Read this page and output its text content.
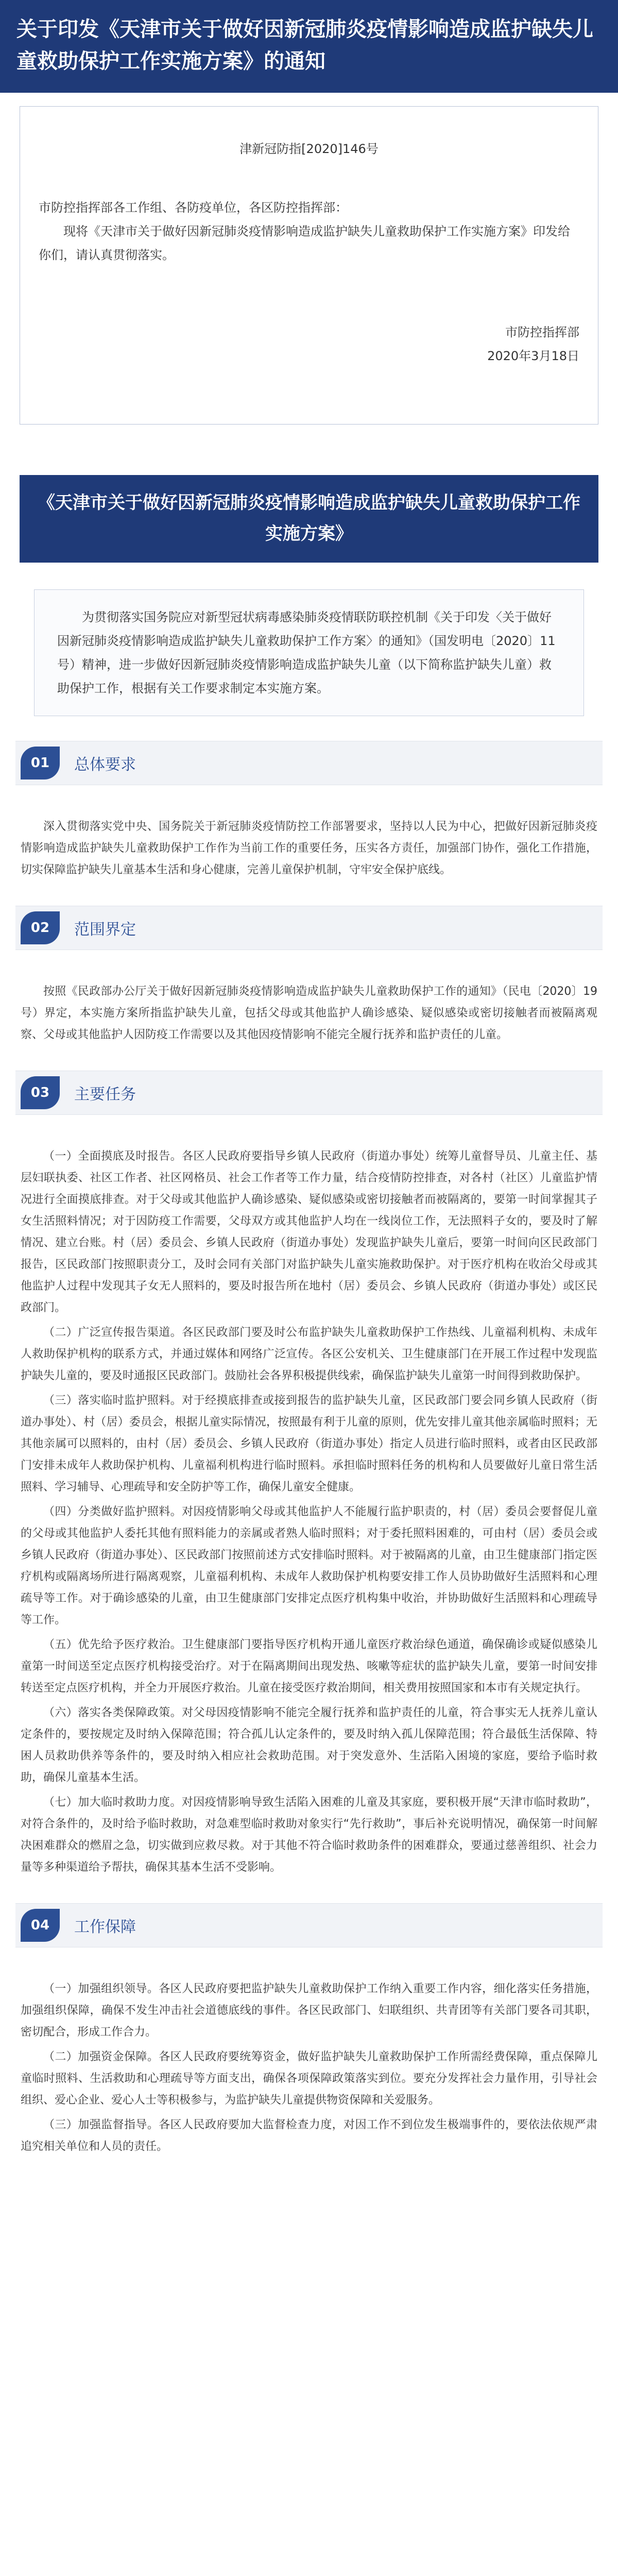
关于印发《天津市关于做好因新冠肺炎疫情影响造成监护缺失儿童救助保护工作实施方案》的通知
津新冠防指[2020]146号

市防控指挥部各工作组、各防疫单位，各区防控指挥部：

现将《天津市关于做好因新冠肺炎疫情影响造成监护缺失儿童救助保护工作实施方案》印发给你们，请认真贯彻落实。

市防控指挥部
2020年3月18日
《天津市关于做好因新冠肺炎疫情影响造成监护缺失儿童救助保护工作实施方案》

为贯彻落实国务院应对新型冠状病毒感染肺炎疫情联防联控机制《关于印发〈关于做好因新冠肺炎疫情影响造成监护缺失儿童救助保护工作方案〉的通知》（国发明电〔2020〕11号）精神，进一步做好因新冠肺炎疫情影响造成监护缺失儿童（以下简称监护缺失儿童）救助保护工作，根据有关工作要求制定本实施方案。

01	总体要求

深入贯彻落实党中央、国务院关于新冠肺炎疫情防控工作部署要求，坚持以人民为中心，把做好因新冠肺炎疫情影响造成监护缺失儿童救助保护工作作为当前工作的重要任务，压实各方责任，加强部门协作，强化工作措施，切实保障监护缺失儿童基本生活和身心健康，完善儿童保护机制，守牢安全保护底线。

02	范围界定

按照《民政部办公厅关于做好因新冠肺炎疫情影响造成监护缺失儿童救助保护工作的通知》（民电〔2020〕19号）界定，本实施方案所指监护缺失儿童，包括父母或其他监护人确诊感染、疑似感染或密切接触者而被隔离观察、父母或其他监护人因防疫工作需要以及其他因疫情影响不能完全履行抚养和监护责任的儿童。

03	主要任务

（一）全面摸底及时报告。各区人民政府要指导乡镇人民政府（街道办事处）统筹儿童督导员、儿童主任、基层妇联执委、社区工作者、社区网格员、社会工作者等工作力量，结合疫情防控排查，对各村（社区）儿童监护情况进行全面摸底排查。对于父母或其他监护人确诊感染、疑似感染或密切接触者而被隔离的，要第一时间掌握其子女生活照料情况；对于因防疫工作需要，父母双方或其他监护人均在一线岗位工作，无法照料子女的，要及时了解情况、建立台账。村（居）委员会、乡镇人民政府（街道办事处）发现监护缺失儿童后，要第一时间向区民政部门报告，区民政部门按照职责分工，及时会同有关部门对监护缺失儿童实施救助保护。对于医疗机构在收治父母或其他监护人过程中发现其子女无人照料的，要及时报告所在地村（居）委员会、乡镇人民政府（街道办事处）或区民政部门。

（二）广泛宣传报告渠道。各区民政部门要及时公布监护缺失儿童救助保护工作热线、儿童福利机构、未成年人救助保护机构的联系方式，并通过媒体和网络广泛宣传。各区公安机关、卫生健康部门在开展工作过程中发现监护缺失儿童的，要及时通报区民政部门。鼓励社会各界积极提供线索，确保监护缺失儿童第一时间得到救助保护。

（三）落实临时监护照料。对于经摸底排查或接到报告的监护缺失儿童，区民政部门要会同乡镇人民政府（街道办事处）、村（居）委员会，根据儿童实际情况，按照最有利于儿童的原则，优先安排儿童其他亲属临时照料；无其他亲属可以照料的，由村（居）委员会、乡镇人民政府（街道办事处）指定人员进行临时照料，或者由区民政部门安排未成年人救助保护机构、儿童福利机构进行临时照料。承担临时照料任务的机构和人员要做好儿童日常生活照料、学习辅导、心理疏导和安全防护等工作，确保儿童安全健康。

（四）分类做好监护照料。对因疫情影响父母或其他监护人不能履行监护职责的，村（居）委员会要督促儿童的父母或其他监护人委托其他有照料能力的亲属或者熟人临时照料；对于委托照料困难的，可由村（居）委员会或乡镇人民政府（街道办事处）、区民政部门按照前述方式安排临时照料。对于被隔离的儿童，由卫生健康部门指定医疗机构或隔离场所进行隔离观察，儿童福利机构、未成年人救助保护机构要安排工作人员协助做好生活照料和心理疏导等工作。对于确诊感染的儿童，由卫生健康部门安排定点医疗机构集中收治，并协助做好生活照料和心理疏导等工作。

（五）优先给予医疗救治。卫生健康部门要指导医疗机构开通儿童医疗救治绿色通道，确保确诊或疑似感染儿童第一时间送至定点医疗机构接受治疗。对于在隔离期间出现发热、咳嗽等症状的监护缺失儿童，要第一时间安排转送至定点医疗机构，并全力开展医疗救治。儿童在接受医疗救治期间，相关费用按照国家和本市有关规定执行。

（六）落实各类保障政策。对父母因疫情影响不能完全履行抚养和监护责任的儿童，符合事实无人抚养儿童认定条件的，要按规定及时纳入保障范围；符合孤儿认定条件的，要及时纳入孤儿保障范围；符合最低生活保障、特困人员救助供养等条件的，要及时纳入相应社会救助范围。对于突发意外、生活陷入困境的家庭，要给予临时救助，确保儿童基本生活。

（七）加大临时救助力度。对因疫情影响导致生活陷入困难的儿童及其家庭，要积极开展“天津市临时救助”，对符合条件的，及时给予临时救助，对急难型临时救助对象实行“先行救助”，事后补充说明情况，确保第一时间解决困难群众的燃眉之急，切实做到应救尽救。对于其他不符合临时救助条件的困难群众，要通过慈善组织、社会力量等多种渠道给予帮扶，确保其基本生活不受影响。

04	工作保障

（一）加强组织领导。各区人民政府要把监护缺失儿童救助保护工作纳入重要工作内容，细化落实任务措施，加强组织保障，确保不发生冲击社会道德底线的事件。各区民政部门、妇联组织、共青团等有关部门要各司其职，密切配合，形成工作合力。

（二）加强资金保障。各区人民政府要统筹资金，做好监护缺失儿童救助保护工作所需经费保障，重点保障儿童临时照料、生活救助和心理疏导等方面支出，确保各项保障政策落实到位。要充分发挥社会力量作用，引导社会组织、爱心企业、爱心人士等积极参与，为监护缺失儿童提供物资保障和关爱服务。

（三）加强监督指导。各区人民政府要加大监督检查力度，对因工作不到位发生极端事件的，要依法依规严肃追究相关单位和人员的责任。
